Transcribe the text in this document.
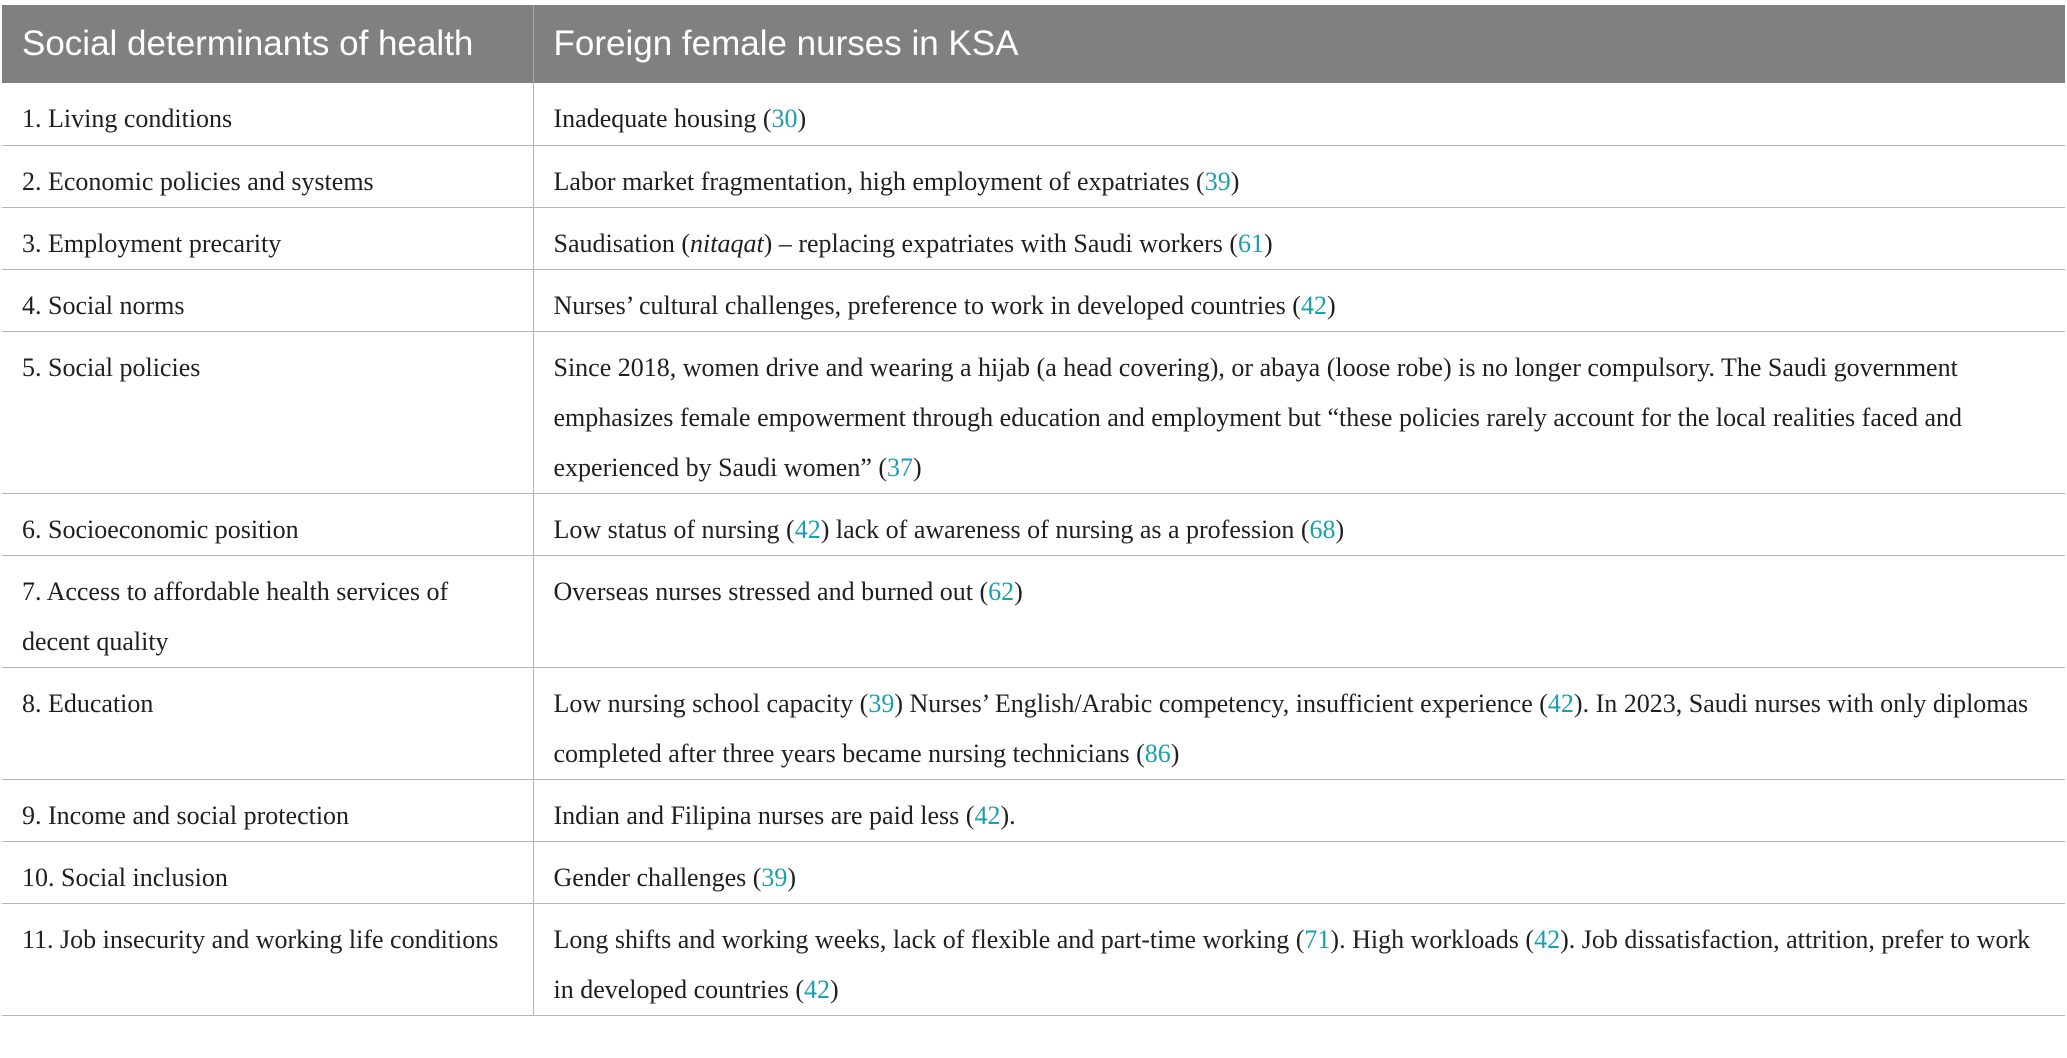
Social determinants of health	Foreign female nurses in KSA
1. Living conditions	Inadequate housing (30)
2. Economic policies and systems	Labor market fragmentation, high employment of expatriates (39)
3. Employment precarity	Saudisation (nitaqat) – replacing expatriates with Saudi workers (61)
4. Social norms	Nurses’ cultural challenges, preference to work in developed countries (42)
5. Social policies	Since 2018, women drive and wearing a hijab (a head covering), or abaya (loose robe) is no longer compulsory. The Saudi government emphasizes female empowerment through education and employment but “these policies rarely account for the local realities faced and experienced by Saudi women” (37)
6. Socioeconomic position	Low status of nursing (42) lack of awareness of nursing as a profession (68)
7. Access to affordable health services of decent quality	Overseas nurses stressed and burned out (62)
8. Education	Low nursing school capacity (39) Nurses’ English/Arabic competency, insufficient experience (42). In 2023, Saudi nurses with only diplomas completed after three years became nursing technicians (86)
9. Income and social protection	Indian and Filipina nurses are paid less (42).
10. Social inclusion	Gender challenges (39)
11. Job insecurity and working life conditions	Long shifts and working weeks, lack of flexible and part-time working (71). High workloads (42). Job dissatisfaction, attrition, prefer to work in developed countries (42)
